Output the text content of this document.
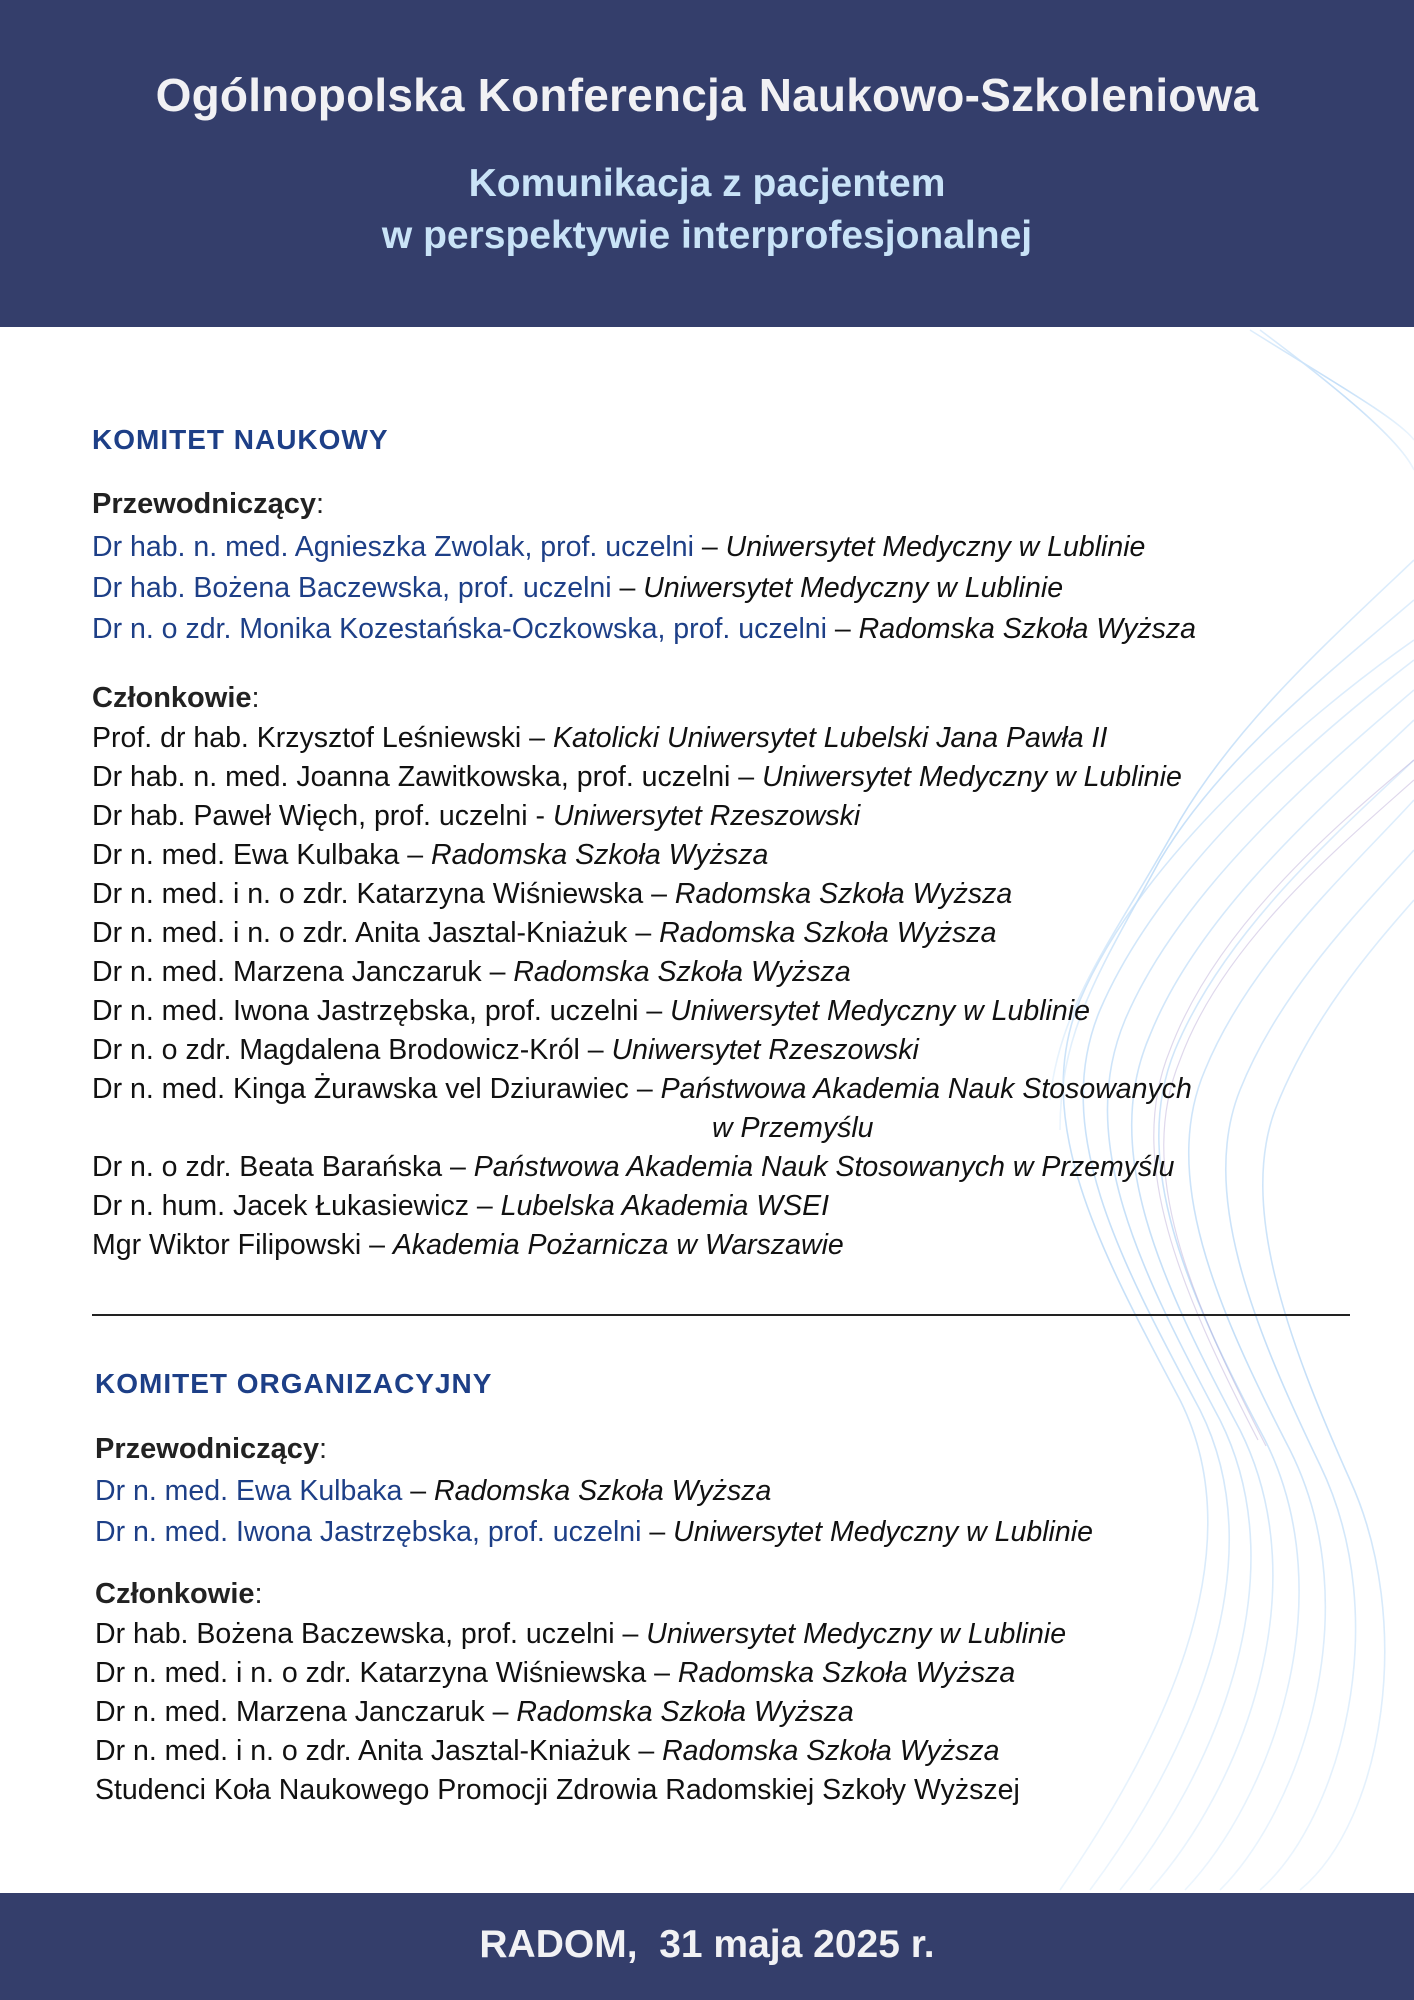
Ogólnopolska Konferencja Naukowo-Szkoleniowa
Komunikacja z pacjentem
w perspektywie interprofesjonalnej
KOMITET NAUKOWY
Przewodniczący:
Dr hab. n. med. Agnieszka Zwolak, prof. uczelni – Uniwersytet Medyczny w Lublinie
Dr hab. Bożena Baczewska, prof. uczelni – Uniwersytet Medyczny w Lublinie
Dr n. o zdr. Monika Kozestańska-Oczkowska, prof. uczelni – Radomska Szkoła Wyższa
Członkowie:
Prof. dr hab. Krzysztof Leśniewski – Katolicki Uniwersytet Lubelski Jana Pawła II
Dr hab. n. med. Joanna Zawitkowska, prof. uczelni – Uniwersytet Medyczny w Lublinie
Dr hab. Paweł Więch, prof. uczelni - Uniwersytet Rzeszowski
Dr n. med. Ewa Kulbaka – Radomska Szkoła Wyższa
Dr n. med. i n. o zdr. Katarzyna Wiśniewska – Radomska Szkoła Wyższa
Dr n. med. i n. o zdr. Anita Jasztal-Kniażuk – Radomska Szkoła Wyższa
Dr n. med. Marzena Janczaruk – Radomska Szkoła Wyższa
Dr n. med. Iwona Jastrzębska, prof. uczelni – Uniwersytet Medyczny w Lublinie
Dr n. o zdr. Magdalena Brodowicz-Król – Uniwersytet Rzeszowski
Dr n. med. Kinga Żurawska vel Dziurawiec – Państwowa Akademia Nauk Stosowanych
w Przemyślu
Dr n. o zdr. Beata Barańska – Państwowa Akademia Nauk Stosowanych w Przemyślu
Dr n. hum. Jacek Łukasiewicz – Lubelska Akademia WSEI
Mgr Wiktor Filipowski – Akademia Pożarnicza w Warszawie
KOMITET ORGANIZACYJNY
Przewodniczący:
Dr n. med. Ewa Kulbaka – Radomska Szkoła Wyższa
Dr n. med. Iwona Jastrzębska, prof. uczelni – Uniwersytet Medyczny w Lublinie
Członkowie:
Dr hab. Bożena Baczewska, prof. uczelni – Uniwersytet Medyczny w Lublinie
Dr n. med. i n. o zdr. Katarzyna Wiśniewska – Radomska Szkoła Wyższa
Dr n. med. Marzena Janczaruk – Radomska Szkoła Wyższa
Dr n. med. i n. o zdr. Anita Jasztal-Kniażuk – Radomska Szkoła Wyższa
Studenci Koła Naukowego Promocji Zdrowia Radomskiej Szkoły Wyższej
RADOM,  31 maja 2025 r.
